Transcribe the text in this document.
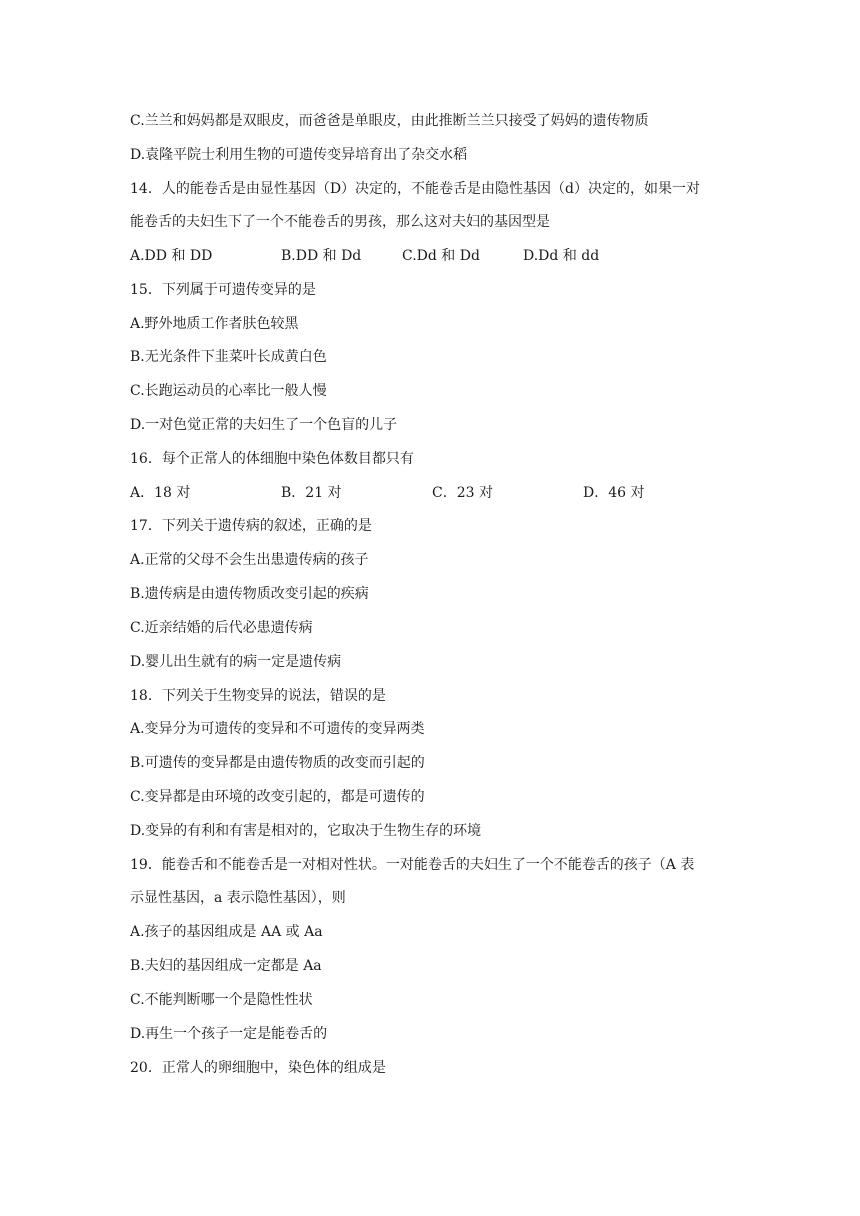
C.兰兰和妈妈都是双眼皮，而爸爸是单眼皮，由此推断兰兰只接受了妈妈的遗传物质
D.袁隆平院士利用生物的可遗传变异培育出了杂交水稻
14．人的能卷舌是由显性基因（D）决定的，不能卷舌是由隐性基因（d）决定的，如果一对
能卷舌的夫妇生下了一个不能卷舌的男孩，那么这对夫妇的基因型是
A.DD 和 DD	B.DD 和 Dd	C.Dd 和 Dd	D.Dd 和 dd
15．下列属于可遗传变异的是
A.野外地质工作者肤色较黑
B.无光条件下韭菜叶长成黄白色
C.长跑运动员的心率比一般人慢
D.一对色觉正常的夫妇生了一个色盲的儿子
16．每个正常人的体细胞中染色体数目都只有
A．18 对	B．21 对	C．23 对	D．46 对
17．下列关于遗传病的叙述，正确的是
A.正常的父母不会生出患遗传病的孩子
B.遗传病是由遗传物质改变引起的疾病
C.近亲结婚的后代必患遗传病
D.婴儿出生就有的病一定是遗传病
18．下列关于生物变异的说法，错误的是
A.变异分为可遗传的变异和不可遗传的变异两类
B.可遗传的变异都是由遗传物质的改变而引起的
C.变异都是由环境的改变引起的，都是可遗传的
D.变异的有利和有害是相对的，它取决于生物生存的环境
19．能卷舌和不能卷舌是一对相对性状。一对能卷舌的夫妇生了一个不能卷舌的孩子（A 表
示显性基因，a 表示隐性基因），则
A.孩子的基因组成是 AA 或 Aa
B.夫妇的基因组成一定都是 Aa
C.不能判断哪一个是隐性性状
D.再生一个孩子一定是能卷舌的
20．正常人的卵细胞中，染色体的组成是
